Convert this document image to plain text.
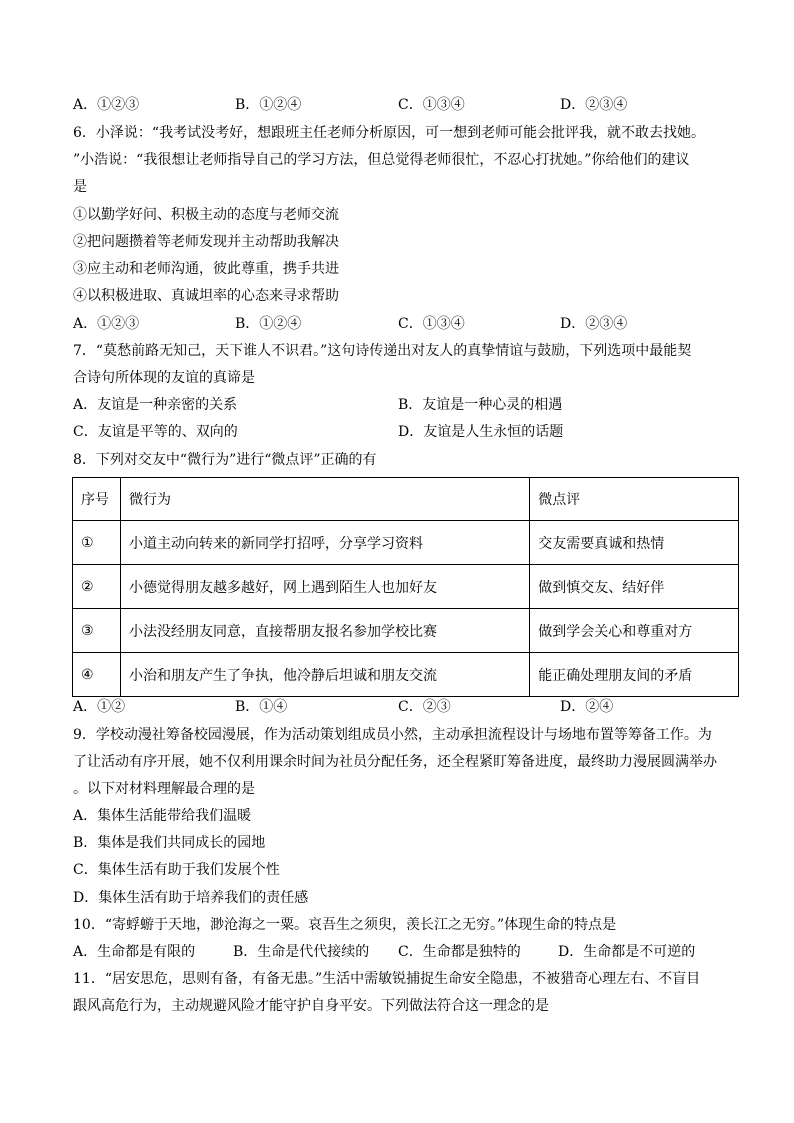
A．①②③	B．①②④	C．①③④	D．②③④
6．小泽说：“我考试没考好，想跟班主任老师分析原因，可一想到老师可能会批评我，就不敢去找她。
”小浩说：“我很想让老师指导自己的学习方法，但总觉得老师很忙，不忍心打扰她。”你给他们的建议
是
①以勤学好问、积极主动的态度与老师交流
②把问题攒着等老师发现并主动帮助我解决
③应主动和老师沟通，彼此尊重，携手共进
④以积极进取、真诚坦率的心态来寻求帮助
A．①②③	B．①②④	C．①③④	D．②③④
7．“莫愁前路无知己，天下谁人不识君。”这句诗传递出对友人的真挚情谊与鼓励，下列选项中最能契
合诗句所体现的友谊的真谛是
A．友谊是一种亲密的关系	B．友谊是一种心灵的相遇
C．友谊是平等的、双向的	D．友谊是人生永恒的话题
8．下列对交友中“微行为”进行“微点评”正确的有
序号	微行为	微点评
①	小道主动向转来的新同学打招呼，分享学习资料	交友需要真诚和热情
②	小德觉得朋友越多越好，网上遇到陌生人也加好友	做到慎交友、结好伴
③	小法没经朋友同意，直接帮朋友报名参加学校比赛	做到学会关心和尊重对方
④	小治和朋友产生了争执，他冷静后坦诚和朋友交流	能正确处理朋友间的矛盾
A．①②	B．①④	C．②③	D．②④
9．学校动漫社筹备校园漫展，作为活动策划组成员小然，主动承担流程设计与场地布置等筹备工作。为
了让活动有序开展，她不仅利用课余时间为社员分配任务，还全程紧盯筹备进度，最终助力漫展圆满举办
。以下对材料理解最合理的是
A．集体生活能带给我们温暖
B．集体是我们共同成长的园地
C．集体生活有助于我们发展个性
D．集体生活有助于培养我们的责任感
10．“寄蜉蝣于天地，渺沧海之一粟。哀吾生之须臾，羡长江之无穷。”体现生命的特点是
A．生命都是有限的	B．生命是代代接续的 C．生命都是独特的	D．生命都是不可逆的
11．“居安思危，思则有备，有备无患。”生活中需敏锐捕捉生命安全隐患，不被猎奇心理左右、不盲目
跟风高危行为，主动规避风险才能守护自身平安。下列做法符合这一理念的是
